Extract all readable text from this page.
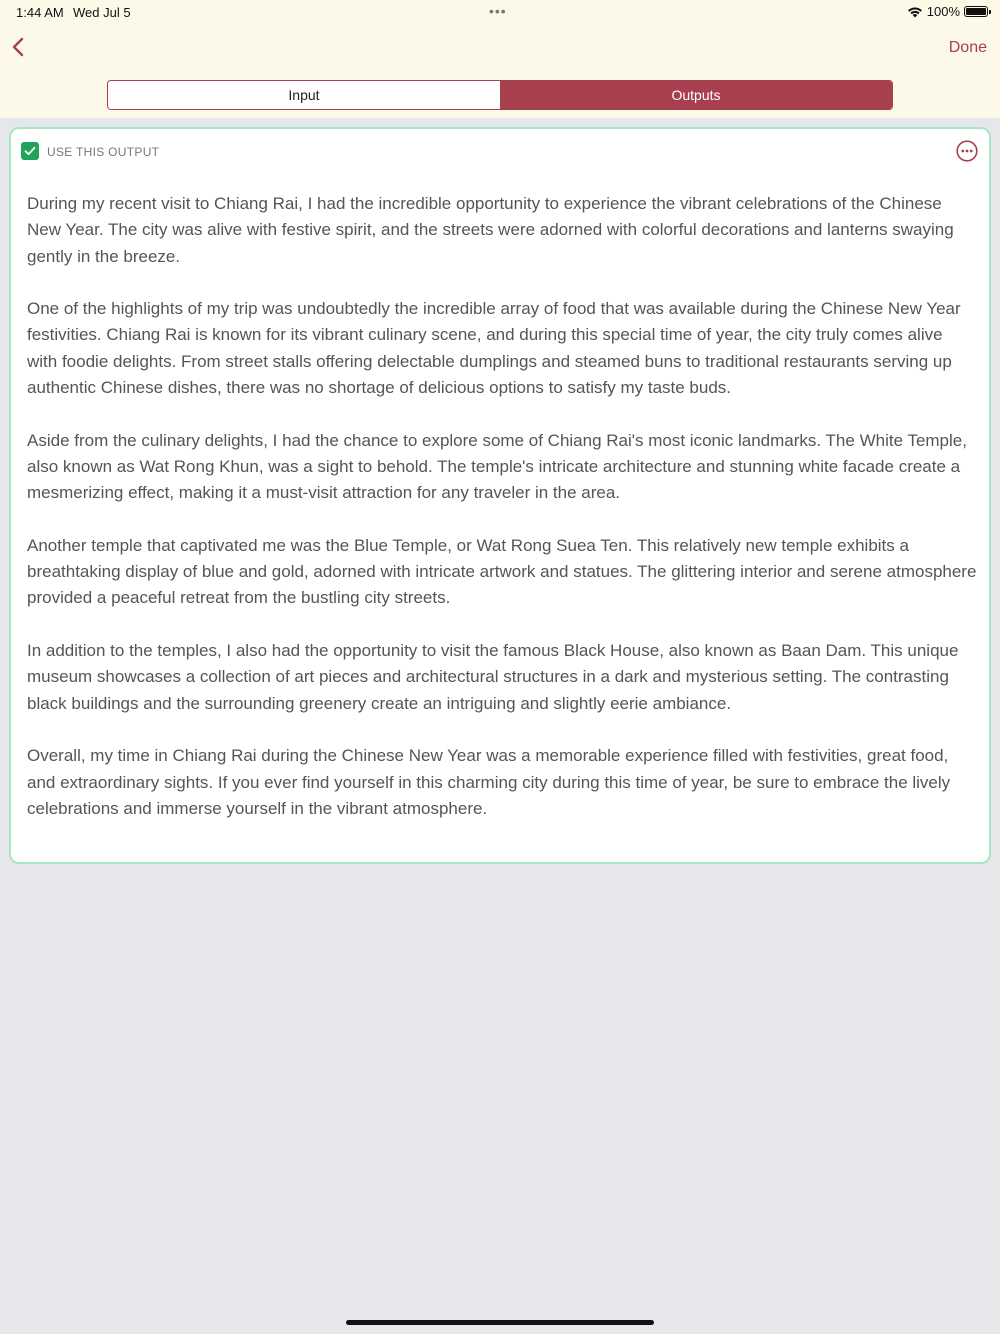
1:44 AM Wed Jul 5	•••	100%
Done
Input	Outputs
USE THIS OUTPUT

During my recent visit to Chiang Rai, I had the incredible opportunity to experience the vibrant celebrations of the Chinese New Year. The city was alive with festive spirit, and the streets were adorned with colorful decorations and lanterns swaying gently in the breeze.

One of the highlights of my trip was undoubtedly the incredible array of food that was available during the Chinese New Year festivities. Chiang Rai is known for its vibrant culinary scene, and during this special time of year, the city truly comes alive with foodie delights. From street stalls offering delectable dumplings and steamed buns to traditional restaurants serving up authentic Chinese dishes, there was no shortage of delicious options to satisfy my taste buds.

Aside from the culinary delights, I had the chance to explore some of Chiang Rai's most iconic landmarks. The White Temple, also known as Wat Rong Khun, was a sight to behold. The temple's intricate architecture and stunning white facade create a mesmerizing effect, making it a must-visit attraction for any traveler in the area.

Another temple that captivated me was the Blue Temple, or Wat Rong Suea Ten. This relatively new temple exhibits a breathtaking display of blue and gold, adorned with intricate artwork and statues. The glittering interior and serene atmosphere provided a peaceful retreat from the bustling city streets.

In addition to the temples, I also had the opportunity to visit the famous Black House, also known as Baan Dam. This unique museum showcases a collection of art pieces and architectural structures in a dark and mysterious setting. The contrasting black buildings and the surrounding greenery create an intriguing and slightly eerie ambiance.

Overall, my time in Chiang Rai during the Chinese New Year was a memorable experience filled with festivities, great food, and extraordinary sights. If you ever find yourself in this charming city during this time of year, be sure to embrace the lively celebrations and immerse yourself in the vibrant atmosphere.
